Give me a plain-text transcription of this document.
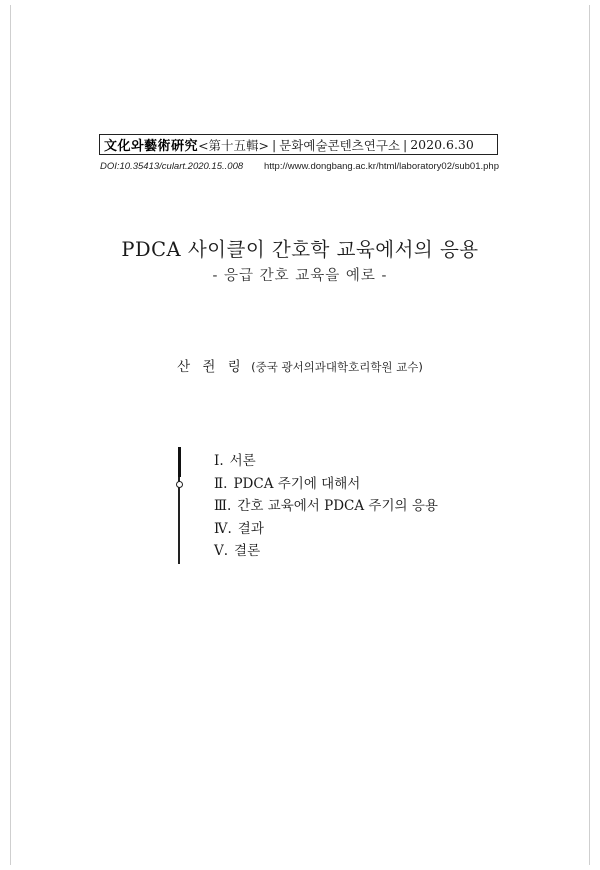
文化와藝術硏究 <第十五輯> | 문화예술콘텐츠연구소 | 2020.6.30
DOI:10.35413/culart.2020.15..008 http://www.dongbang.ac.kr/html/laboratory02/sub01.php
PDCA 사이클이 간호학 교육에서의 응용
- 응급 간호 교육을 예로 -
산 쥔 링 (중국 광서의과대학호리학원 교수)
Ⅰ. 서론
Ⅱ. PDCA 주기에 대해서
Ⅲ. 간호 교육에서 PDCA 주기의 응용
Ⅳ. 결과
Ⅴ. 결론
